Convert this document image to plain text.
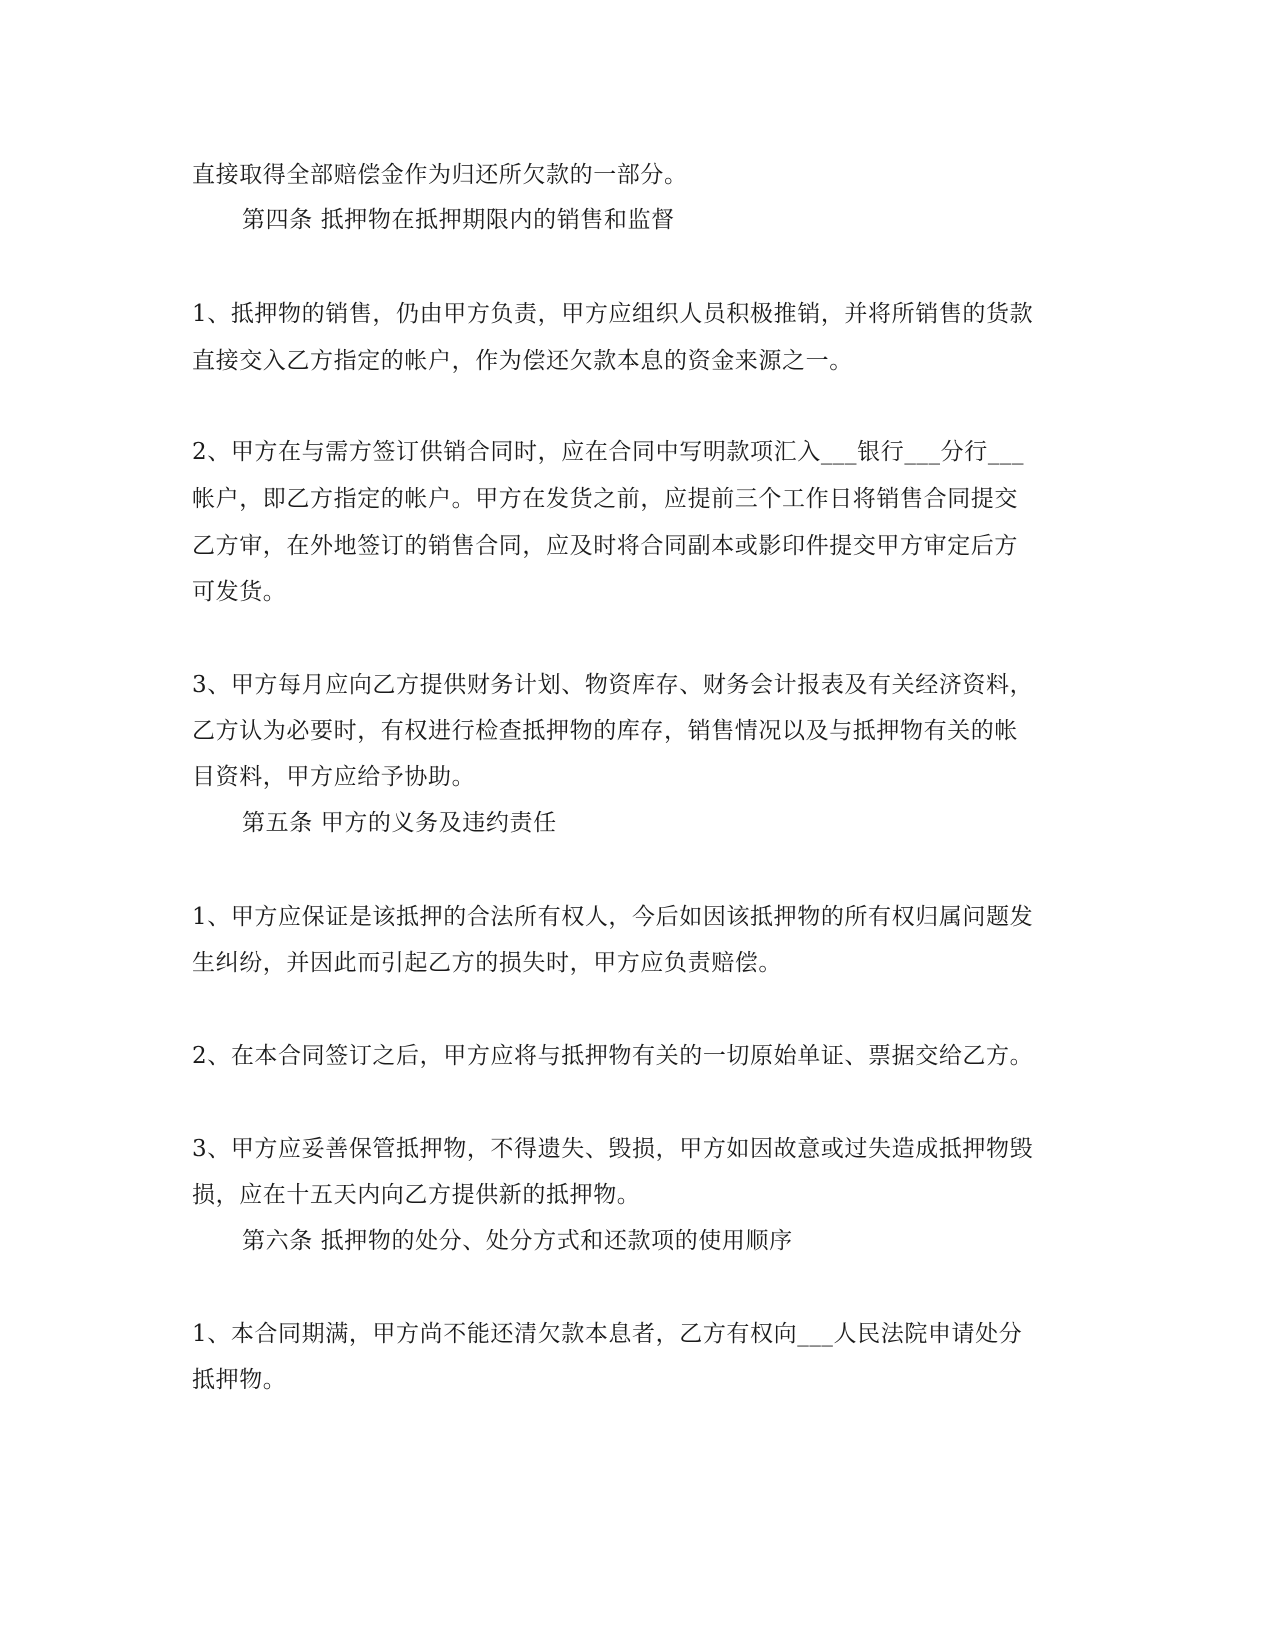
直接取得全部赔偿金作为归还所欠款的一部分。
第四条 抵押物在抵押期限内的销售和监督
1、抵押物的销售，仍由甲方负责，甲方应组织人员积极推销，并将所销售的货款
直接交入乙方指定的帐户，作为偿还欠款本息的资金来源之一。
2、甲方在与需方签订供销合同时，应在合同中写明款项汇入___银行___分行___
帐户，即乙方指定的帐户。甲方在发货之前，应提前三个工作日将销售合同提交
乙方审，在外地签订的销售合同，应及时将合同副本或影印件提交甲方审定后方
可发货。
3、甲方每月应向乙方提供财务计划、物资库存、财务会计报表及有关经济资料，
乙方认为必要时，有权进行检查抵押物的库存，销售情况以及与抵押物有关的帐
目资料，甲方应给予协助。
第五条 甲方的义务及违约责任
1、甲方应保证是该抵押的合法所有权人，今后如因该抵押物的所有权归属问题发
生纠纷，并因此而引起乙方的损失时，甲方应负责赔偿。
2、在本合同签订之后，甲方应将与抵押物有关的一切原始单证、票据交给乙方。
3、甲方应妥善保管抵押物，不得遗失、毁损，甲方如因故意或过失造成抵押物毁
损，应在十五天内向乙方提供新的抵押物。
第六条 抵押物的处分、处分方式和还款项的使用顺序
1、本合同期满，甲方尚不能还清欠款本息者，乙方有权向___人民法院申请处分
抵押物。
